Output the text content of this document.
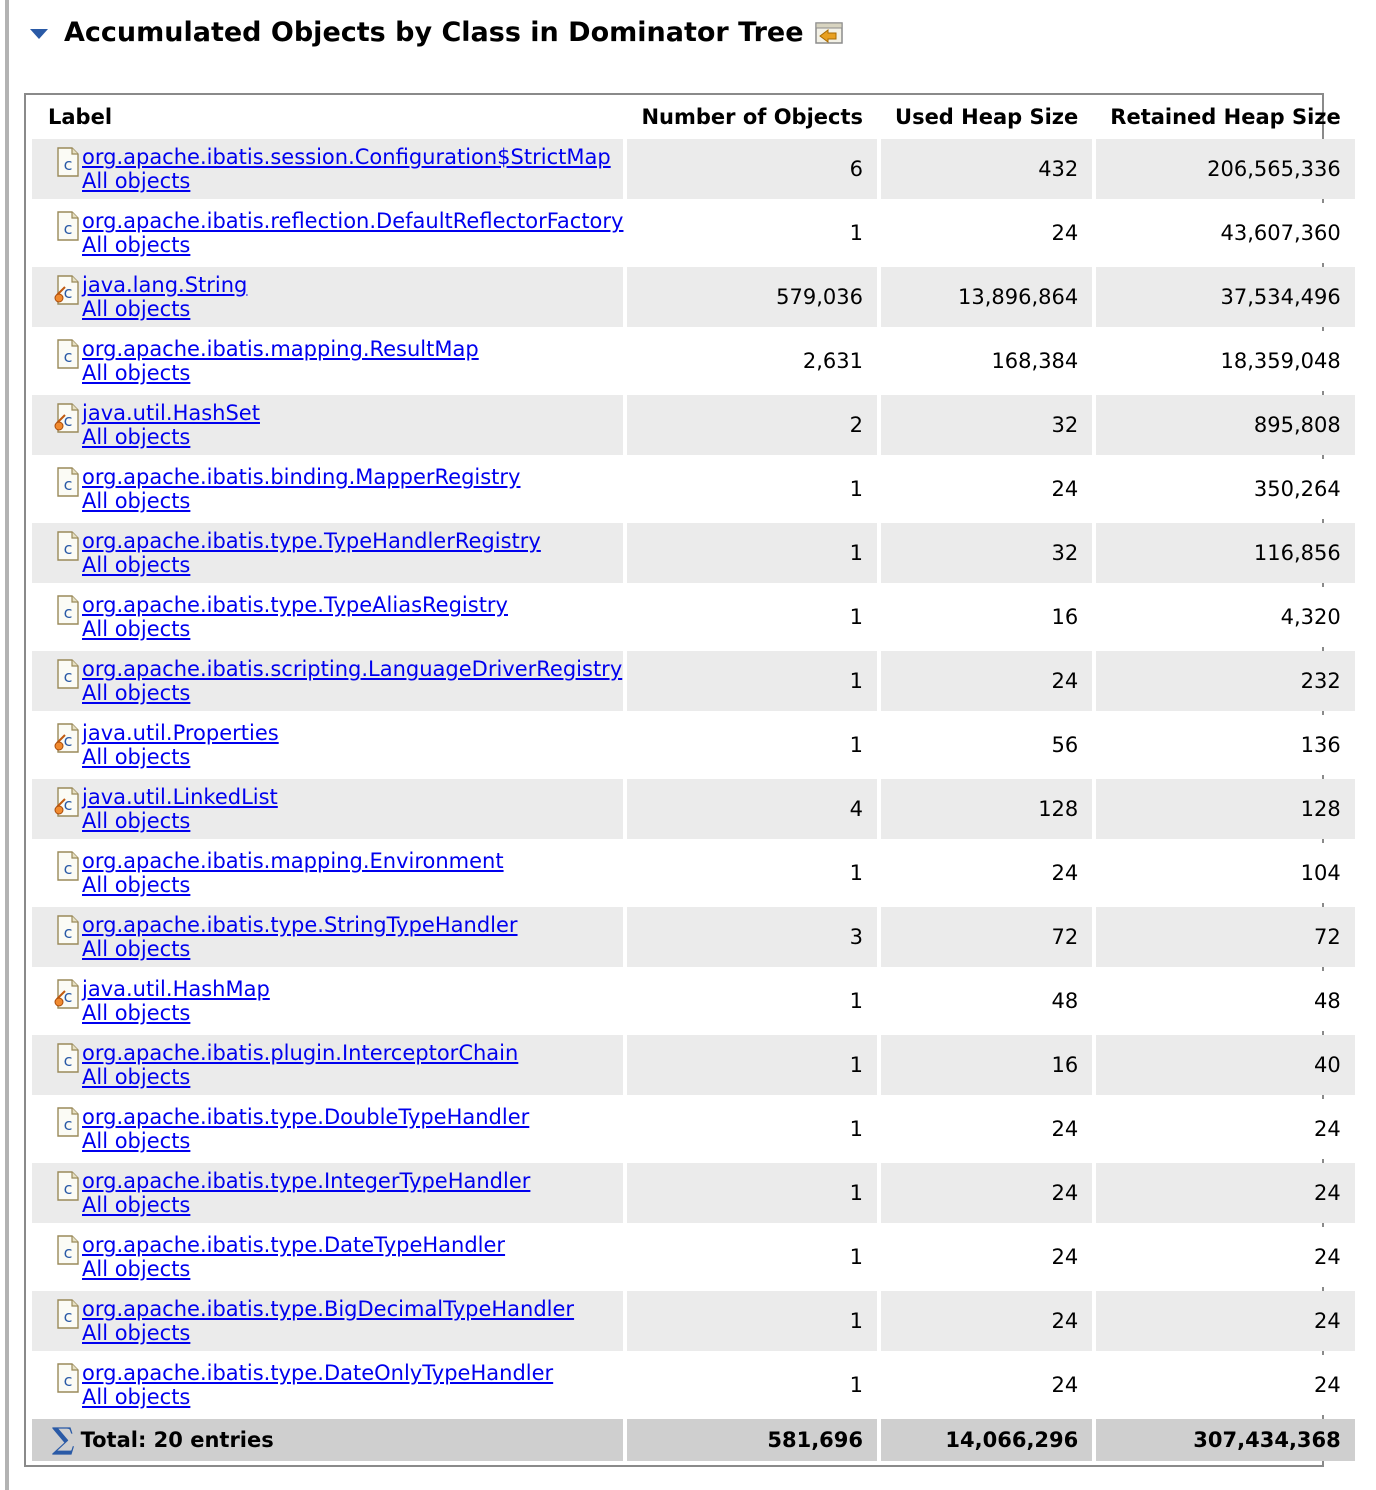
Accumulated Objects by Class in Dominator Tree
Label	Number of Objects	Used Heap Size	Retained Heap Size

c org.apache.ibatis.session.Configuration$StrictMap
All objects	6	432	206,565,336

c org.apache.ibatis.reflection.DefaultReflectorFactory
All objects	1	24	43,607,360

c java.lang.String
All objects	579,036	13,896,864	37,534,496

c org.apache.ibatis.mapping.ResultMap
All objects	2,631	168,384	18,359,048

c java.util.HashSet
All objects	2	32	895,808

c org.apache.ibatis.binding.MapperRegistry
All objects	1	24	350,264

c org.apache.ibatis.type.TypeHandlerRegistry
All objects	1	32	116,856

c org.apache.ibatis.type.TypeAliasRegistry
All objects	1	16	4,320

c org.apache.ibatis.scripting.LanguageDriverRegistry
All objects	1	24	232

c java.util.Properties
All objects	1	56	136

c java.util.LinkedList
All objects	4	128	128

c org.apache.ibatis.mapping.Environment
All objects	1	24	104

c org.apache.ibatis.type.StringTypeHandler
All objects	3	72	72

c java.util.HashMap
All objects	1	48	48

c org.apache.ibatis.plugin.InterceptorChain
All objects	1	16	40

c org.apache.ibatis.type.DoubleTypeHandler
All objects	1	24	24

c org.apache.ibatis.type.IntegerTypeHandler
All objects	1	24	24

c org.apache.ibatis.type.DateTypeHandler
All objects	1	24	24

c org.apache.ibatis.type.BigDecimalTypeHandler
All objects	1	24	24

c org.apache.ibatis.type.DateOnlyTypeHandler
All objects	1	24	24

∑ Total: 20 entries	581,696	14,066,296	307,434,368
